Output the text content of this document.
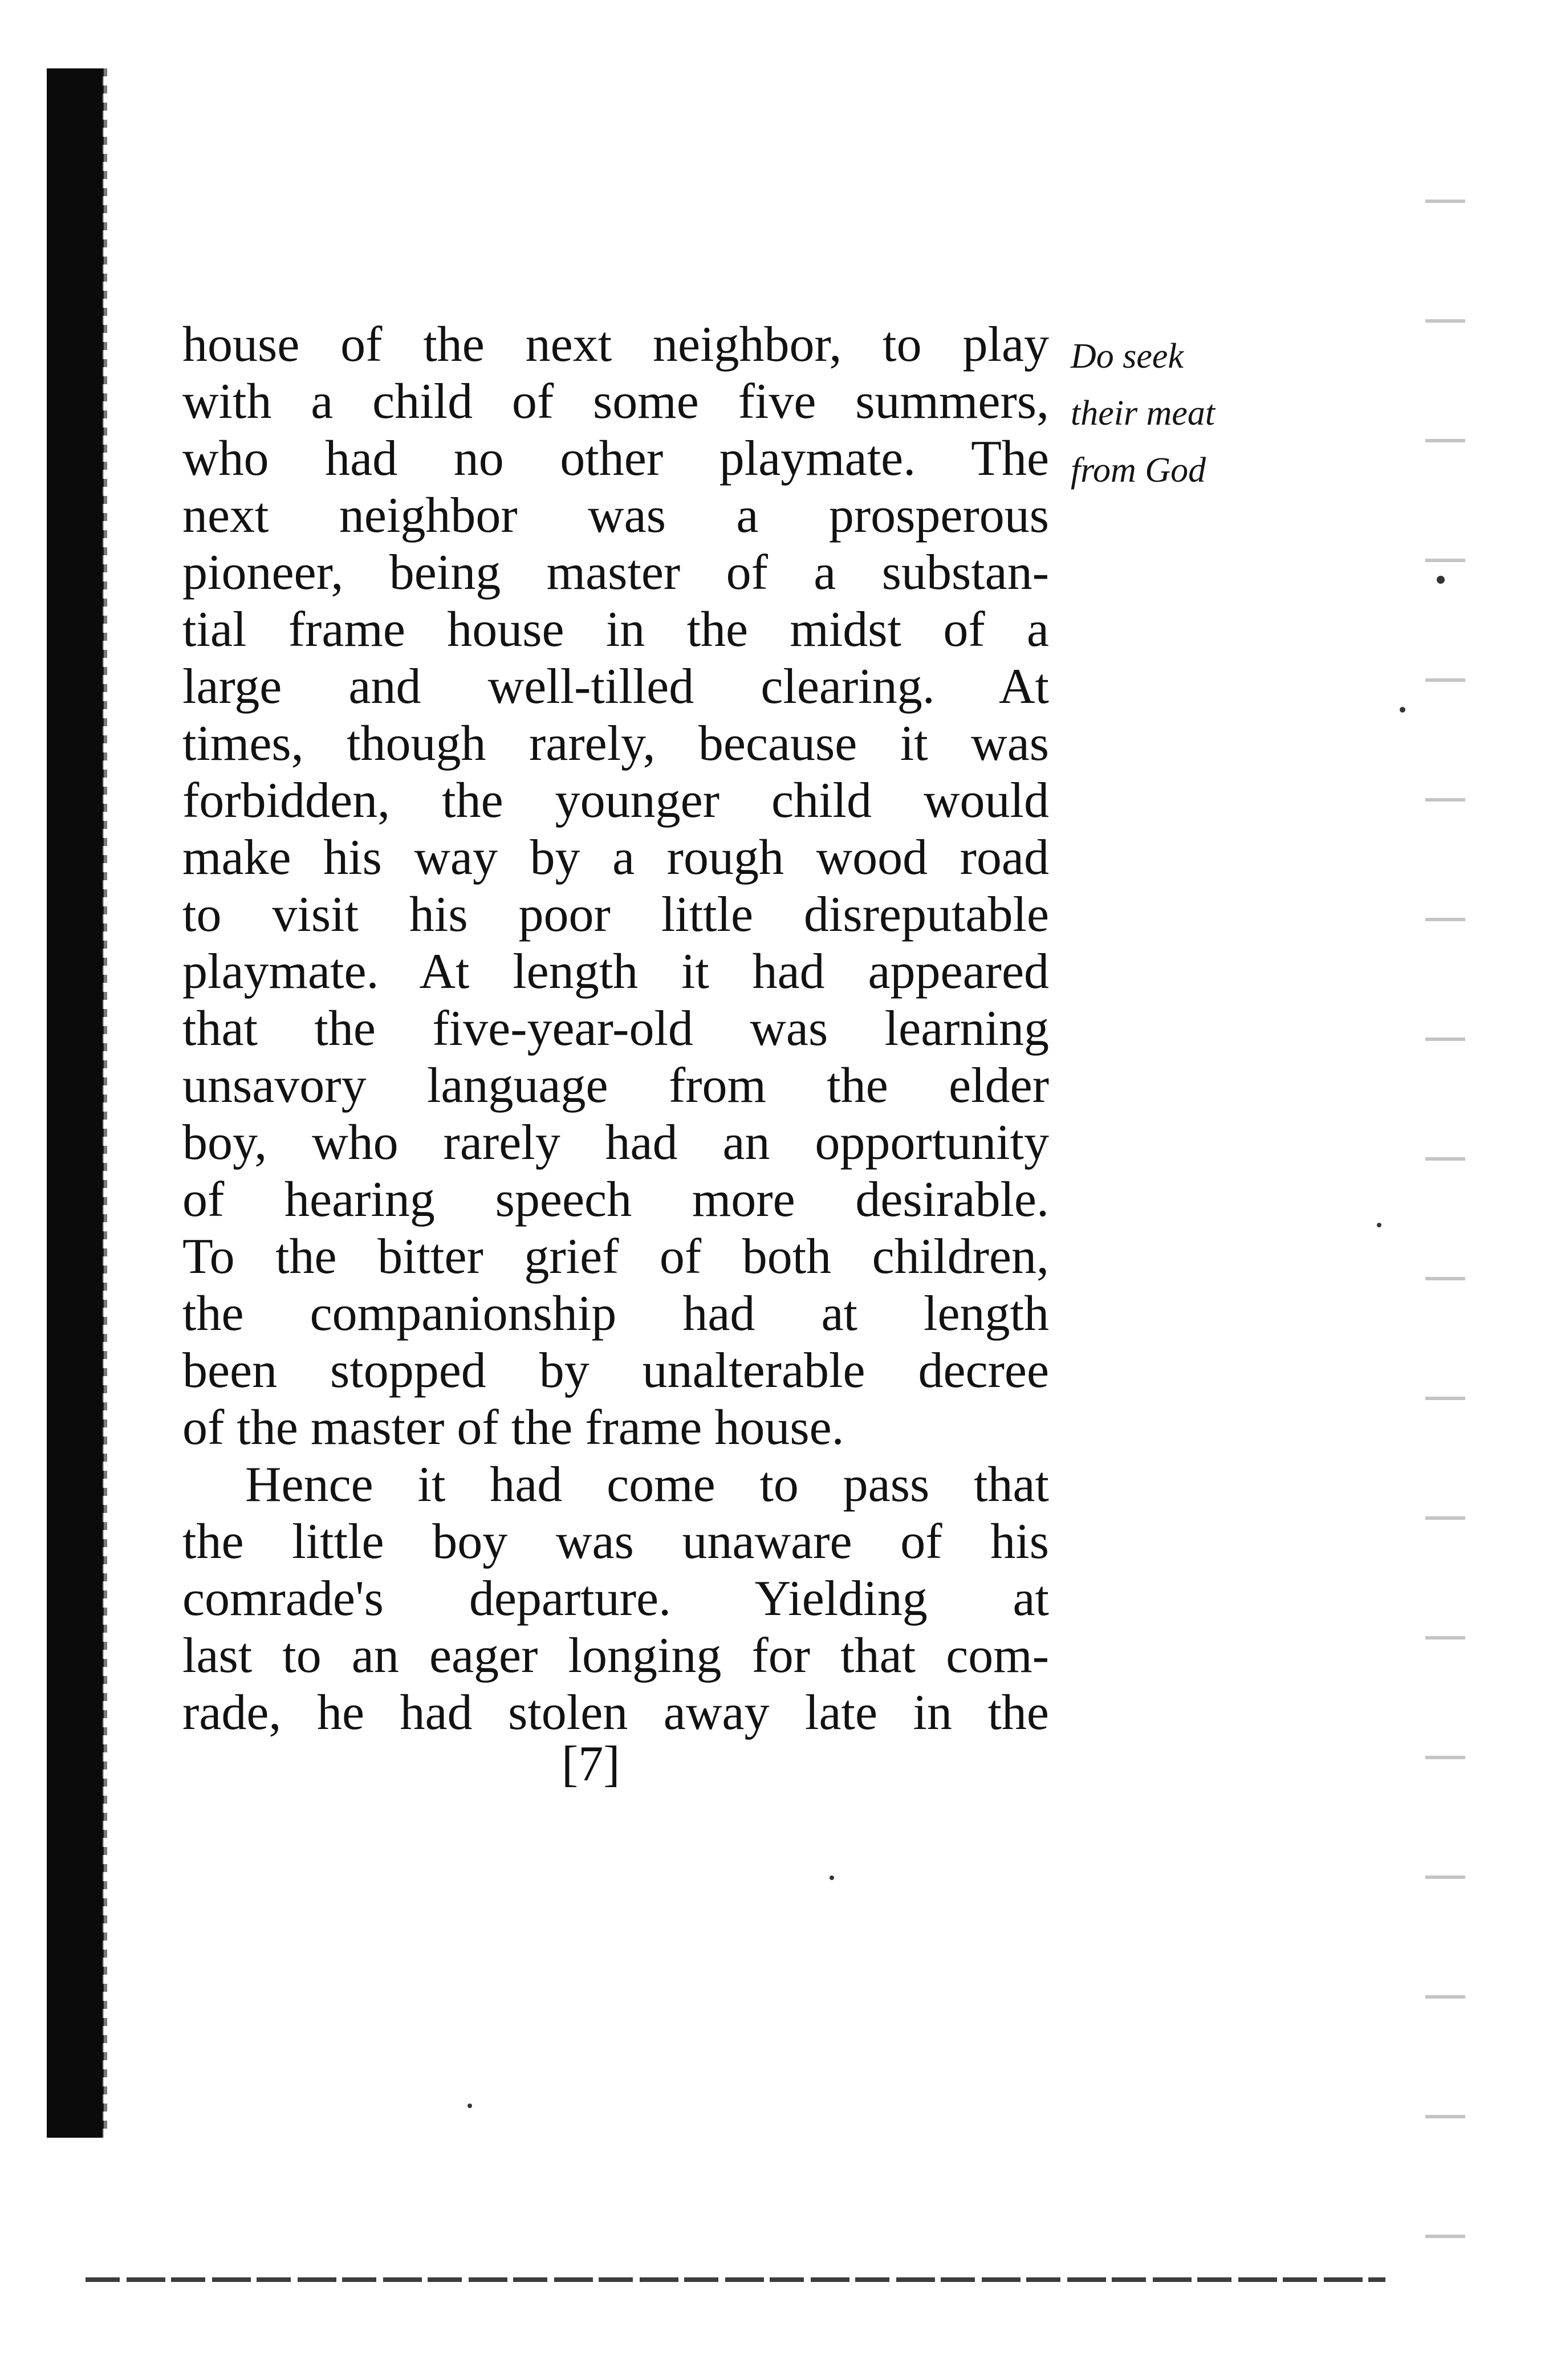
house of the next neighbor, to play
with a child of some five summers,
who had no other playmate. The
next neighbor was a prosperous
pioneer, being master of a substan-
tial frame house in the midst of a
large and well-tilled clearing. At
times, though rarely, because it was
forbidden, the younger child would
make his way by a rough wood road
to visit his poor little disreputable
playmate. At length it had appeared
that the five-year-old was learning
unsavory language from the elder
boy, who rarely had an opportunity
of hearing speech more desirable.
To the bitter grief of both children,
the companionship had at length
been stopped by unalterable decree
of the master of the frame house.
Hence it had come to pass that
the little boy was unaware of his
comrade's departure. Yielding at
last to an eager longing for that com-
rade, he had stolen away late in the
Do seek
their meat
from God
[7]
